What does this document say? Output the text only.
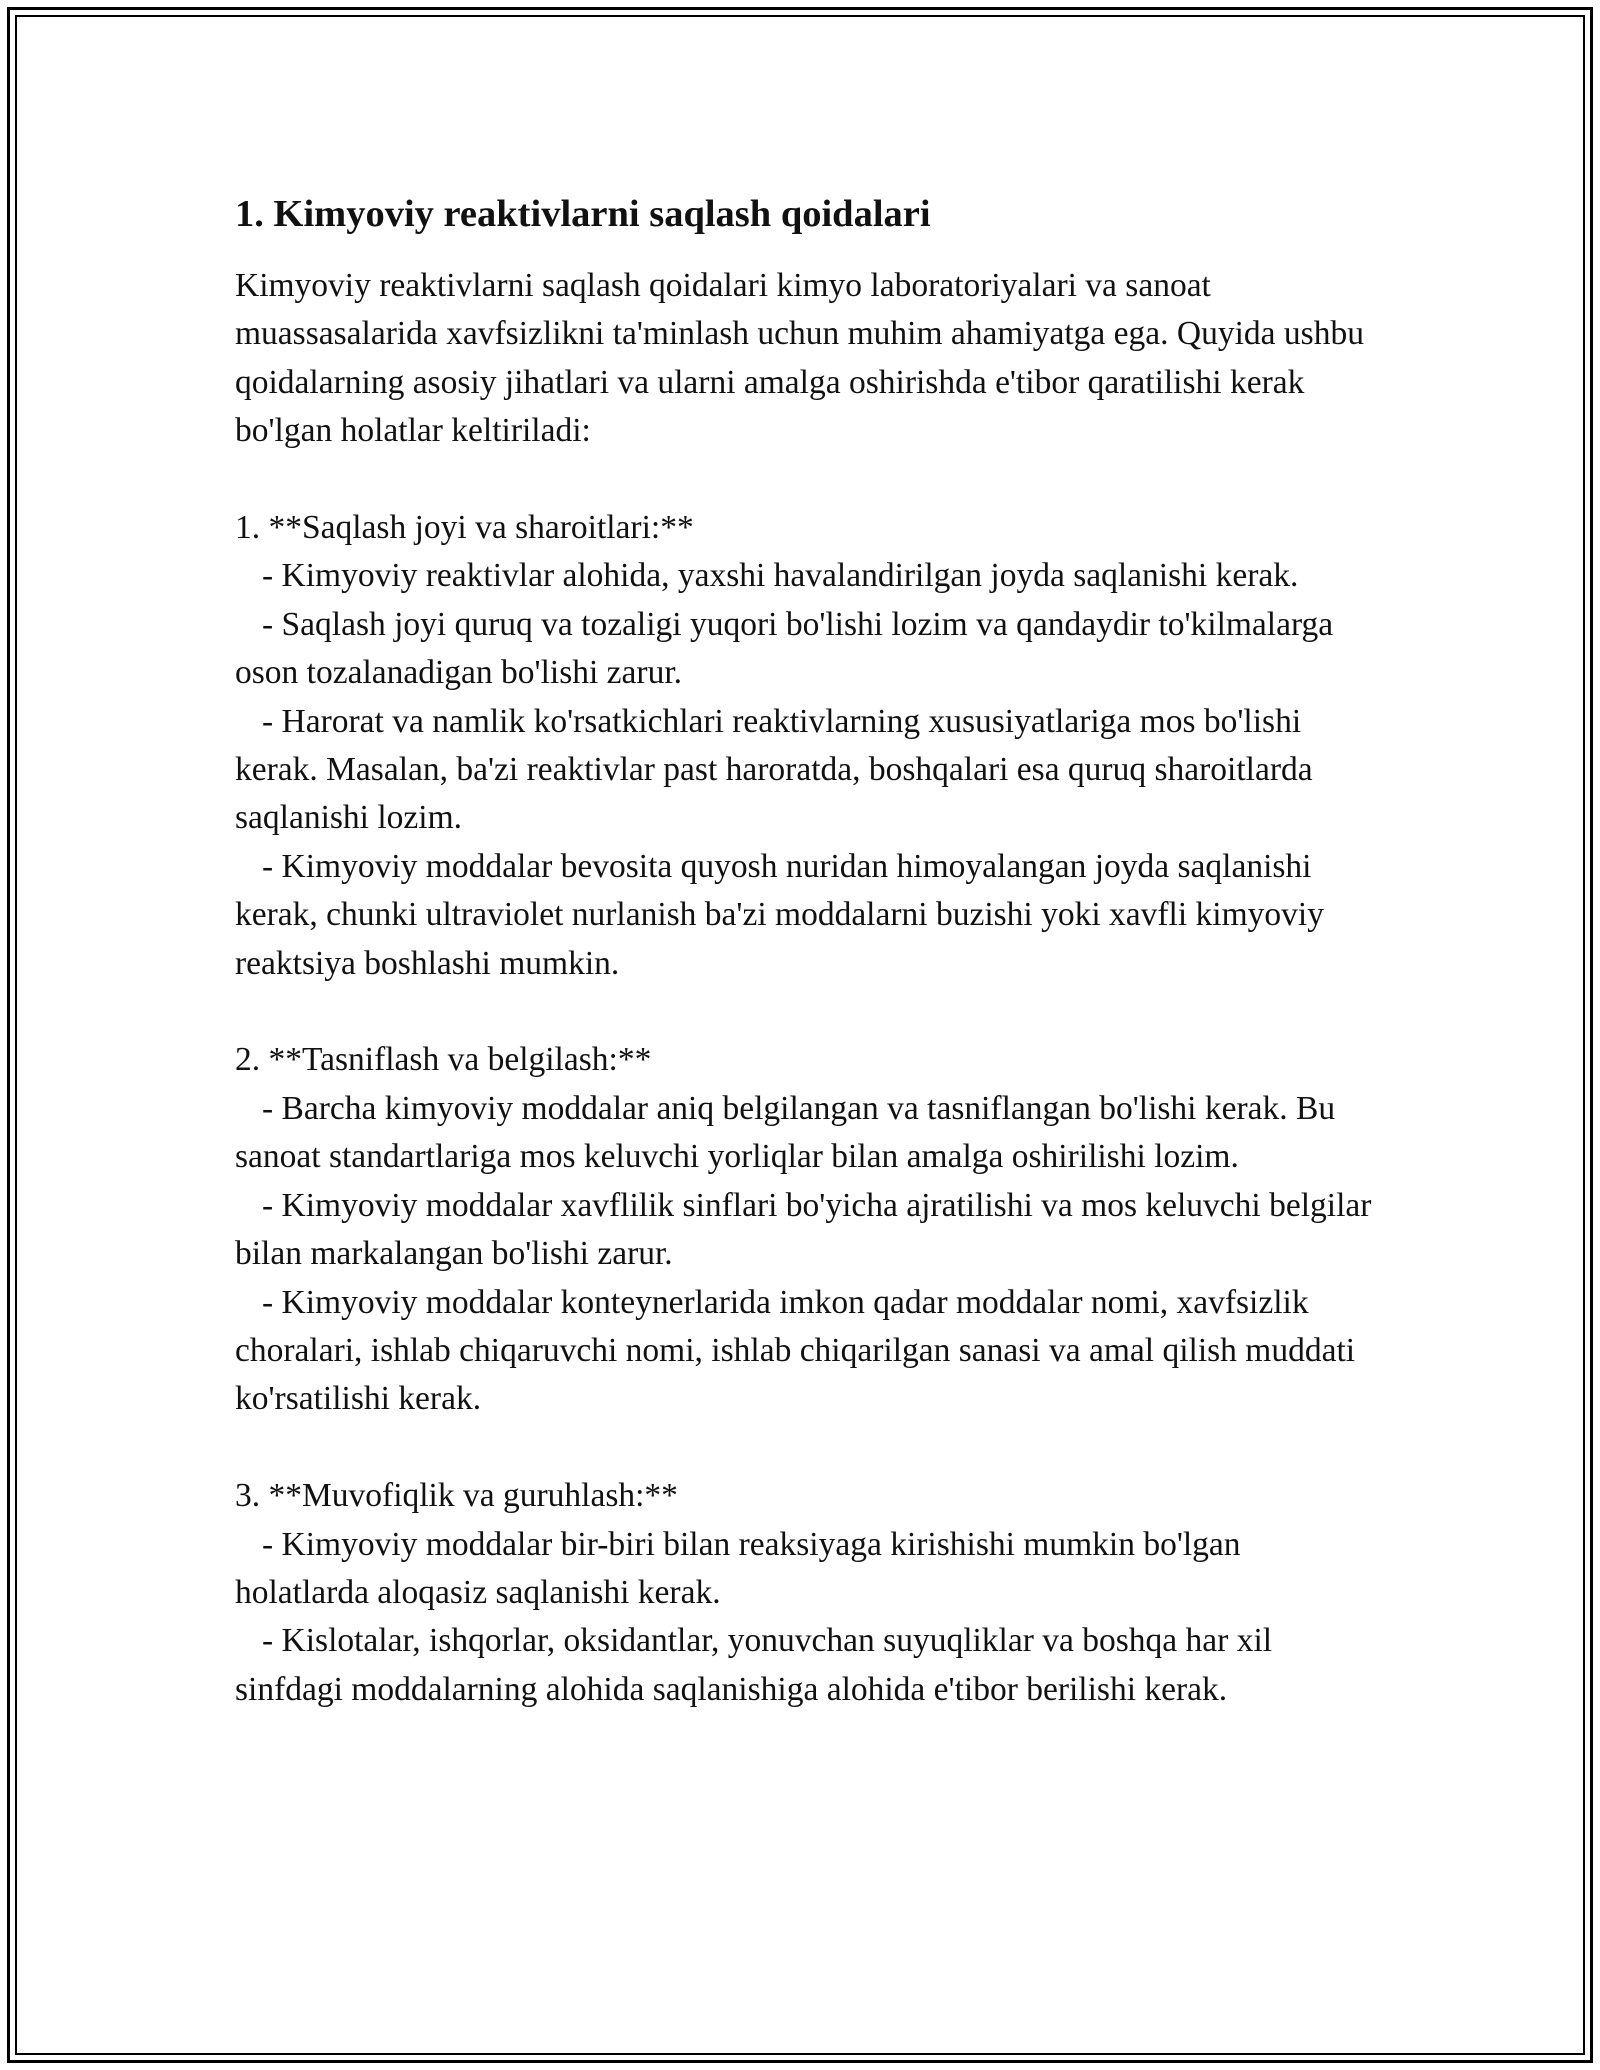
1. Kimyoviy reaktivlarni saqlash qoidalari

Kimyoviy reaktivlarni saqlash qoidalari kimyo laboratoriyalari va sanoat muassasalarida xavfsizlikni ta'minlash uchun muhim ahamiyatga ega. Quyida ushbu qoidalarning asosiy jihatlari va ularni amalga oshirishda e'tibor qaratilishi kerak bo'lgan holatlar keltiriladi:

1. **Saqlash joyi va sharoitlari:**

- Kimyoviy reaktivlar alohida, yaxshi havalandirilgan joyda saqlanishi kerak.

- Saqlash joyi quruq va tozaligi yuqori bo'lishi lozim va qandaydir to'kilmalarga oson tozalanadigan bo'lishi zarur.

- Harorat va namlik ko'rsatkichlari reaktivlarning xususiyatlariga mos bo'lishi kerak. Masalan, ba'zi reaktivlar past haroratda, boshqalari esa quruq sharoitlarda saqlanishi lozim.

- Kimyoviy moddalar bevosita quyosh nuridan himoyalangan joyda saqlanishi kerak, chunki ultraviolet nurlanish ba'zi moddalarni buzishi yoki xavfli kimyoviy reaktsiya boshlashi mumkin.

2. **Tasniflash va belgilash:**

- Barcha kimyoviy moddalar aniq belgilangan va tasniflangan bo'lishi kerak. Bu sanoat standartlariga mos keluvchi yorliqlar bilan amalga oshirilishi lozim.

- Kimyoviy moddalar xavflilik sinflari bo'yicha ajratilishi va mos keluvchi belgilar bilan markalangan bo'lishi zarur.

- Kimyoviy moddalar konteynerlarida imkon qadar moddalar nomi, xavfsizlik choralari, ishlab chiqaruvchi nomi, ishlab chiqarilgan sanasi va amal qilish muddati ko'rsatilishi kerak.

3. **Muvofiqlik va guruhlash:**

- Kimyoviy moddalar bir-biri bilan reaksiyaga kirishishi mumkin bo'lgan holatlarda aloqasiz saqlanishi kerak.

- Kislotalar, ishqorlar, oksidantlar, yonuvchan suyuqliklar va boshqa har xil sinfdagi moddalarning alohida saqlanishiga alohida e'tibor berilishi kerak.
